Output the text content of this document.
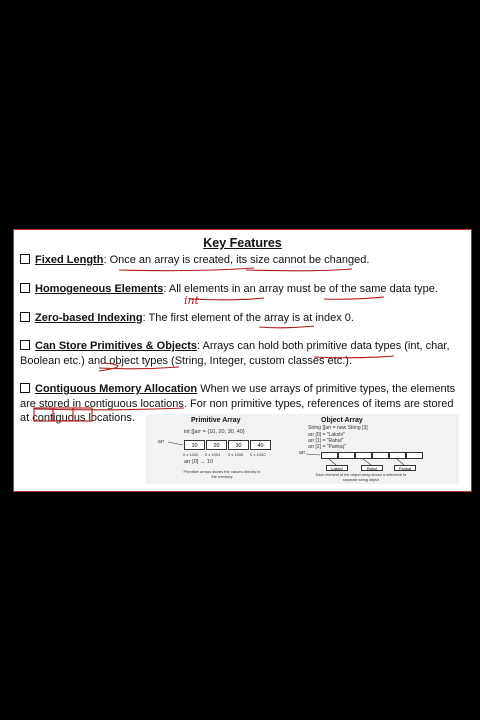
Key Features
Fixed Length: Once an array is created, its size cannot be changed.
Homogeneous Elements: All elements in an array must be of the same data type.
Zero-based Indexing: The first element of the array is at index 0.
Can Store Primitives & Objects: Arrays can hold both primitive data types (int, char, Boolean etc.) and object types (String, Integer, custom classes etc.).
Contiguous Memory Allocation When we use arrays of primitive types, the elements are stored in contiguous locations. For non primitive types, references of items are stored at contiguous locations.
int
Primitive Array
int []arr = {10, 20, 30, 40}
arr
10	20	30	40
0 x 1000 0 x 1004 0 x 1008 0 x 100C
arr [0] → 10
Primitive arrays stores the values directly in the memory
Object Array
String []arr = new String [3]
arr [0] = "Lakshi"
arr [1] = "Rahul"
arr [2] = "Pankaj"
arr
Lakshi	Rahul	Pankaj
Each element of the object array stores a reference to separate string object
